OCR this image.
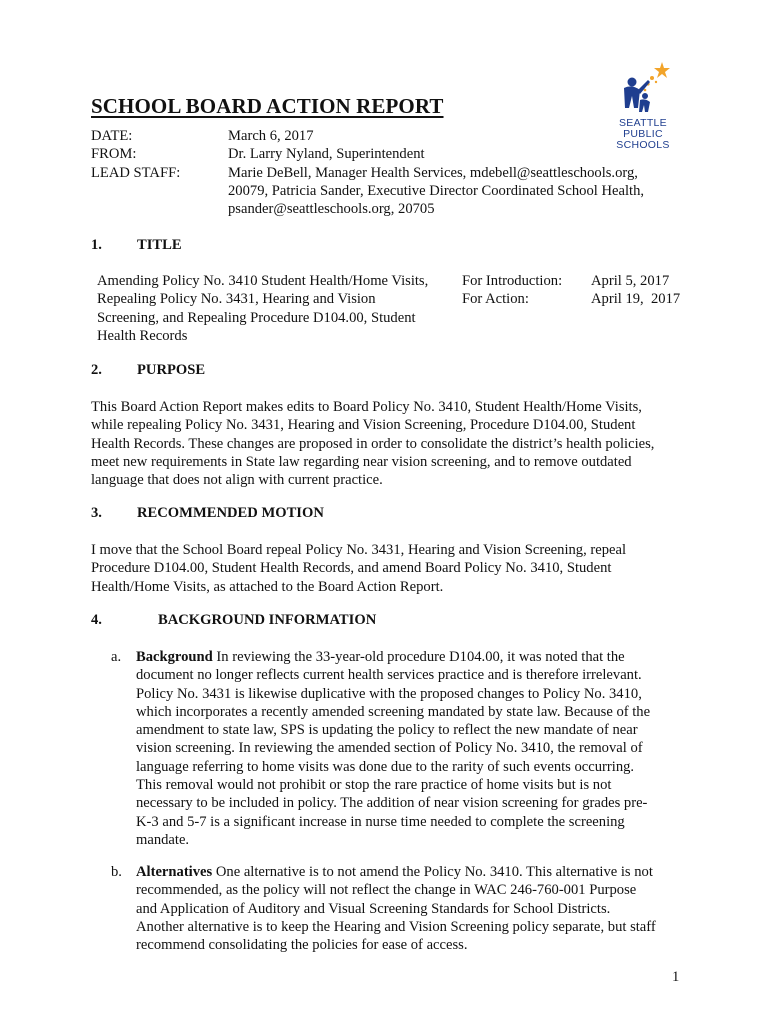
SCHOOL BOARD ACTION REPORT
SEATTLE
PUBLIC
SCHOOLS
DATE:	March 6, 2017
FROM:	Dr. Larry Nyland, Superintendent
LEAD STAFF:	Marie DeBell, Manager Health Services, mdebell@seattleschools.org,
20079, Patricia Sander, Executive Director Coordinated School Health,
psander@seattleschools.org, 20705
1. TITLE
Amending Policy No. 3410 Student Health/Home Visits,
Repealing Policy No. 3431, Hearing and Vision
Screening, and Repealing Procedure D104.00, Student
Health Records
For Introduction:	April 5, 2017
For Action:	April 19,  2017
2. PURPOSE
This Board Action Report makes edits to Board Policy No. 3410, Student Health/Home Visits,
while repealing Policy No. 3431, Hearing and Vision Screening, Procedure D104.00, Student
Health Records. These changes are proposed in order to consolidate the district’s health policies,
meet new requirements in State law regarding near vision screening, and to remove outdated
language that does not align with current practice.
3. RECOMMENDED MOTION
I move that the School Board repeal Policy No. 3431, Hearing and Vision Screening, repeal
Procedure D104.00, Student Health Records, and amend Board Policy No. 3410, Student
Health/Home Visits, as attached to the Board Action Report.
4.	BACKGROUND INFORMATION
a.	Background In reviewing the 33-year-old procedure D104.00, it was noted that the
document no longer reflects current health services practice and is therefore irrelevant.
Policy No. 3431 is likewise duplicative with the proposed changes to Policy No. 3410,
which incorporates a recently amended screening mandated by state law. Because of the
amendment to state law, SPS is updating the policy to reflect the new mandate of near
vision screening. In reviewing the amended section of Policy No. 3410, the removal of
language referring to home visits was done due to the rarity of such events occurring.
This removal would not prohibit or stop the rare practice of home visits but is not
necessary to be included in policy. The addition of near vision screening for grades pre-
K-3 and 5-7 is a significant increase in nurse time needed to complete the screening
mandate.
b. Alternatives One alternative is to not amend the Policy No. 3410. This alternative is not
recommended, as the policy will not reflect the change in WAC 246-760-001 Purpose
and Application of Auditory and Visual Screening Standards for School Districts.
Another alternative is to keep the Hearing and Vision Screening policy separate, but staff
recommend consolidating the policies for ease of access.
1
